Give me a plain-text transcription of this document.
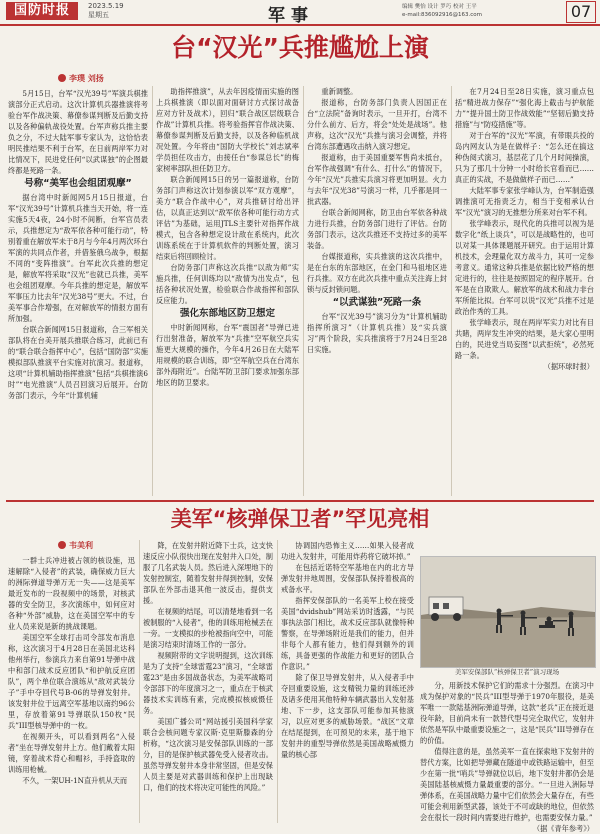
国防时报	2023.5.19
星期五	军事	编辑 樊怡 设计 罗巧 校对 王平
e-mail:836092916@163.com	07
台“汉光”兵推尴尬上演
李璞 刘扬

5月15日，台军“汉光39号”军演兵棋推演部分正式启动。这次计算机兵器推演将考验台军作战决策、幕僚参谋判断及后勤支持以及各种偏轨战役处置。台军声称兵推主要负之分，不过大陆军事专家认为，这恰恰表明民推结果不利于台军，在日前两岸军力对比情况下，民进党任何“以武谋独”的企图最终都是死路一条。

号称“美军也会组团观摩”

据台湾中时新闻网5月15日报道，台军“汉光39号”计算机兵推当天开始，将一连实施5天4夜，24小时不间断，台军官员表示，兵推想定为“敌军依各种可能行动”，特别着重在解放军未于8月与今年4月两次环台军演的共同点作者，并借鉴俄乌战争，根据不同的“变阵推演”。台军此次兵推的想定是，解放军将采取“汉光”也就已兵推，美军也会组团观摩。今年兵推的想定是，解放军军事压力比去年“汉光38号”更大。不过，台美军事合作增强，在对解放军的情报方面有所加强。

台联合新闻网15日报道称，合三军相关部队将在台美开展兵推联合练习，此前已有的“联合联合指挥中心”，包括“国防部”实施模拟部队推演平台实施对抗演习。报道称，这项“计算机辅助指挥推演”包括“兵棋推演6时”“电光推演”人员召回演习后展开。台防务部门表示，今年“计算机辅

助指挥推演”，从去年因疫情而实施的图上兵棋推演（即以面对面研讨方式探讨战备应对方针及战术），回归“联合战区层级联合作战”计算机兵推。将考验指挥官作战决策、幕僚参谋判断及后勤支持，以及各种临机战况处置。今年将由“国防大学校长”刘志斌率学员担任攻击方，由接任台“参谋总长”的梅家树率部队担任防卫方。

联合新闻网15日的另一篇报道称，台防务部门声称这次计划参演以军“双方观摩”，美方“联合作战中心”，对兵推研讨给出评估，以真正达到以“敌军依各种可能行动方式评估”为基础，运用JTLS主要针对指挥作战模式，包含各种想定设计敌在系统内，此次训练系统在于计算机软件的判断处置，演习结束后将回顾检讨。

台防务部门声称这次兵推“以敌为师”实施兵推，任何训练均以“敌情为出发点”，包括各种状况处置，检验联合作战指挥和部队反应能力。

强化东部地区防卫想定

中时新闻网称，台军“震国者”导弹已进行出射准备，解放军为“兵推”空军航空兵实施更大规模的操作，今年4月26日在大陆军用规模的联合训练，即“空军航空兵在台湾东部外海附近”。台陆军防卫部门要求加强东部地区的防卫要求。

重新调整。

报道称，台防务部门负责人因国正在台“立法院”备询时表示，一旦开打，台湾不分什么前方、后方，将会“处处是战场”。他声称，这次“汉光”兵推与演习会调整，并将台湾东部遭遇攻击纳入演习想定。

报道称，由于美国重要军售尚未抵台，台军作战强调“有什么、打什么”的情况下，今年“汉光”兵推实兵演习将更加明显。火力与去年“汉光38”号演习一样，几乎都是同一批武器。

台联合新闻网称，防卫由台军依各种战力进行兵推，台防务部门进行了评估。台防务部门表示，这次兵推还不支持过多的美军装备。

台媒报道称，实兵推演的这次兵推中，是在台东的东部地区，在金门和马祖地区进行兵推。双方在此次兵推中重点关注海上封锁与反封锁问题。

“以武谋独”死路一条

台军“汉光39号”演习分为“计算机辅助指挥所演习”（计算机兵推）及“实兵演习”两个阶段，实兵推演将于7月24日至28日实施。

在7月24日至28日实施，演习重点包括“精进战力保存”“强化海上截击与护航能力”“提升国土防卫作战效能”“坚韧后勤支持措施”与“防疫措施”等。

对于台军的“汉光”军演，有带眼兵投的岛内网友认为是在做样子：“怎么还在搞这种伪阅式演习，基层花了几个月时间操演，只为了那几十分钟一小时给长官看而已……真正的实战，不是做做样子而已……”

大陆军事专家张学峰认为，台军制造强调推演可无指责乏力，相当于变相承认台军“汉光”演习的无推想分所来对台军不利。

张学峰表示，现代化的兵推可以视为是数字化“纸上谈兵”，可以是战略性的，也可以对某一具体课题展开研究。由于运用计算机技术，会理量化双方战斗力，其可一定参考意义。通常这种兵推是依据比较严格的想定进行的，往往是按照固定的程序展开。台军是在自欺欺人。解放军的战术和战力非台军所能比拟。台军可以说“汉光”兵推不过是政治作秀的工具。

张学峰表示，现在两岸军实力对比有目共睹，两岸发生冲突的结果，是大家心里明白的，民进党当局妄图“以武拒统”，必然死路一条。

（据环球时报）

美军“核弹保卫者”罕见亮相
韦美利

一群士兵冲进被占领的核设施，迅速解除“入侵者”的武装，确保威力巨大的洲际弹道导弹万无一失——这是美军最近发布的一段视频中的场景，对核武器的安全防卫，多次演练中，如何应对各种“外部”威胁，这在美国空军中的专业人员来说是新的挑战课题。

美国空军全球打击司令部发布消息称，这次演习于4月28日在美国北达科他州举行，参演兵力来自第91导弹中战中和部门战术反应团队“和护航反应团队”，两个单位联合演练从“敌对武装分子”手中夺回代号B-06的导弹发射井。该发射井位于远离空军基地以南约96公里，存放着第91导弹联队150枚“民兵”III型核导弹中的一枚。

在视频开头，可以看到两名“入侵者”坐在导弹发射井上方。他们戴着太阳镜，穿着战术背心和帽衫，手持盗取的训练用枪械。

不久，一架UH-1N直升机从天而

降，在发射井附近降下士兵，这支快速反应小队很快出现在发射井入口处，制服了几名武装人员。然后进入深埋地下的发射控制室，随着发射井得到控制，安保部队在外部击退其他一波反击，提供支援。

在视频的结尾，可以清楚地看到一名被制服的“入侵者”，他的训练用枪械丢在一旁。一支模拟的步枪被指向空中，可能是演习结束时清场工作的一部分。

视频附带的文字说明提到，这次训练是为了支持“全球雷霆23”演习，“全球雷霆23”是由多国战备状态，为美军战略司令部部下的年度演习之一，重点在于核武器技术实训练有素，完成模拟核威慑任务。

美国广播公司“网站援引美国科学家联合会核问题专家汉斯·克里斯滕森的分析称，“这次演习是安保部队训练的一部分，目的是保护核武器免受入侵者攻击。虽然导弹发射井本身非常坚固，但是安保人员主要是对武器训练和保护上出现缺口，他们的技术将决定可能性的风险。”

协调国内恐怖主义……如果入侵者成功进入发射井，可能用炸药将它破坏掉。”

在包括近诺特空军基地在内的北方导弹发射井地周围，安保部队保持着极高的戒备水平。

指挥安保部队的一名美军上校在接受美国“dvidshub”网站采访时透露，“与民事执法部门相比，战术反应部队就像特种警察，在导弹场附近是我们的能力，但并非每个人都有能力，他们得到额外的训练，具备更强的作战能力和更好的团队合作意识。”

除了保卫导弹发射井，从入侵者手中夺回重要设施，这支精锐力量的训练还涉及诸多使用其他特种车辆武器出入发射基地、下一步，这支部队可能参加其他演习，以应对更多的威胁场景。“战区“文章在结尾提到，在可预见的未来，基于地下发射井的重型导弹依然是美国战略威慑力量的核心部

美军安保部队“核弹保卫者”演习现场

分，用新技术保护它们的需求十分强烈。在演习中成为保护对象的“民兵”III型导弹于1970年服役，是美军唯一一款陆基洲际弹道导弹，这款“老兵”正在接近退役年龄，目前尚未有一款替代型号完全取代它，发射井依然是军队中最重要设施之一，这是“民兵”III导弹存在的价值。

值得注意的是，虽然美军一直在探索地下发射井的替代方案，比如把导弹藏在隧道中或铁路运输中，但至少在第一批“哨兵”导弹就位以后，地下发射井都仍会是美国陆基核威慑力量最重要的部分。“一旦进入洲际导弹体系，在美国战略力量中它们依然会大量存在，有些可能会利用新型武器，该处于不可或缺的地位，但依然会在很长一段时间内需要进行维护，也需要安保力量。”

（据《青年参考》）
